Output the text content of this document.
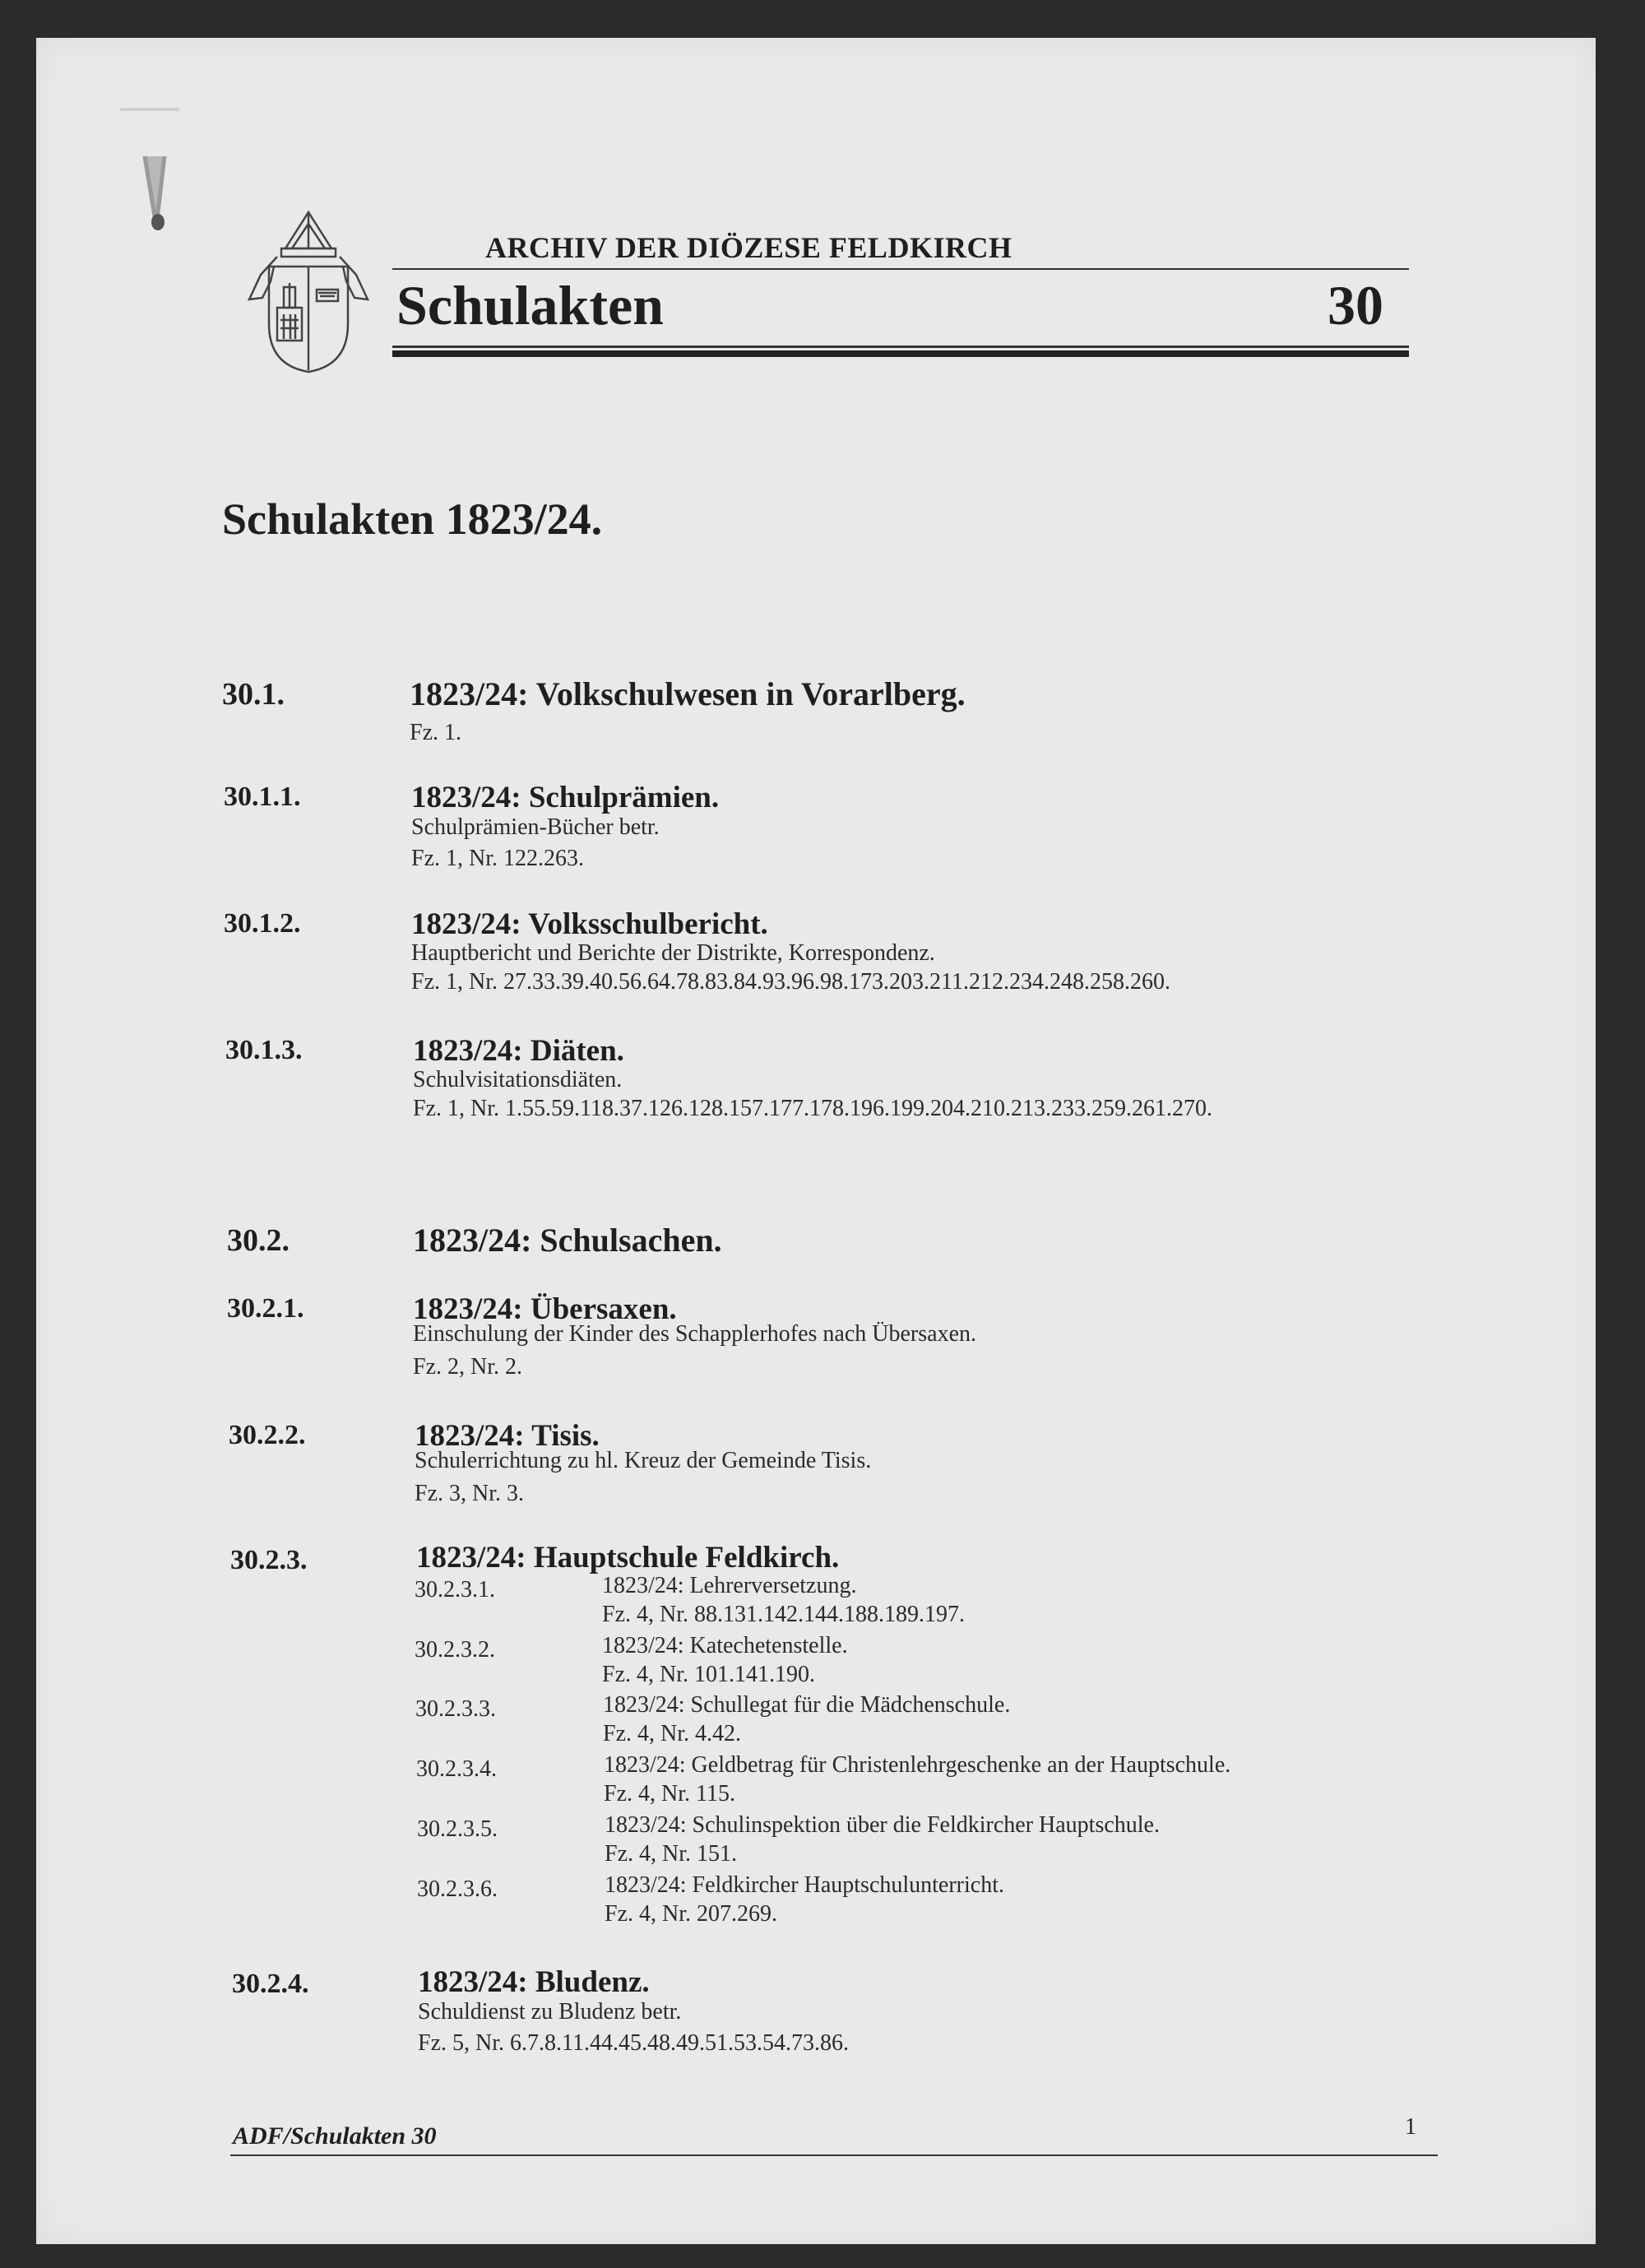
ARCHIV DER DIÖZESE FELDKIRCH
Schulakten	30
Schulakten 1823/24.
30.1.	1823/24: Volkschulwesen in Vorarlberg.
Fz. 1.
30.1.1.	1823/24: Schulprämien.
Schulprämien-Bücher betr.
Fz. 1, Nr. 122.263.
30.1.2.	1823/24: Volksschulbericht.
Hauptbericht und Berichte der Distrikte, Korrespondenz.
Fz. 1, Nr. 27.33.39.40.56.64.78.83.84.93.96.98.173.203.211.212.234.248.258.260.
30.1.3.	1823/24: Diäten.
Schulvisitationsdiäten.
Fz. 1, Nr. 1.55.59.118.37.126.128.157.177.178.196.199.204.210.213.233.259.261.270.
30.2.	1823/24: Schulsachen.
30.2.1.	1823/24: Übersaxen.
Einschulung der Kinder des Schapplerhofes nach Übersaxen.
Fz. 2, Nr. 2.
30.2.2.	1823/24: Tisis.
Schulerrichtung zu hl. Kreuz der Gemeinde Tisis.
Fz. 3, Nr. 3.
30.2.3.	1823/24: Hauptschule Feldkirch.
30.2.3.1.	1823/24: Lehrerversetzung.
Fz. 4, Nr. 88.131.142.144.188.189.197.
30.2.3.2.	1823/24: Katechetenstelle.
Fz. 4, Nr. 101.141.190.
30.2.3.3.	1823/24: Schullegat für die Mädchenschule.
Fz. 4, Nr. 4.42.
30.2.3.4.	1823/24: Geldbetrag für Christenlehrgeschenke an der Hauptschule.
Fz. 4, Nr. 115.
30.2.3.5.	1823/24: Schulinspektion über die Feldkircher Hauptschule.
Fz. 4, Nr. 151.
30.2.3.6.	1823/24: Feldkircher Hauptschulunterricht.
Fz. 4, Nr. 207.269.
30.2.4.	1823/24: Bludenz.
Schuldienst zu Bludenz betr.
Fz. 5, Nr. 6.7.8.11.44.45.48.49.51.53.54.73.86.
ADF/Schulakten 30	1
